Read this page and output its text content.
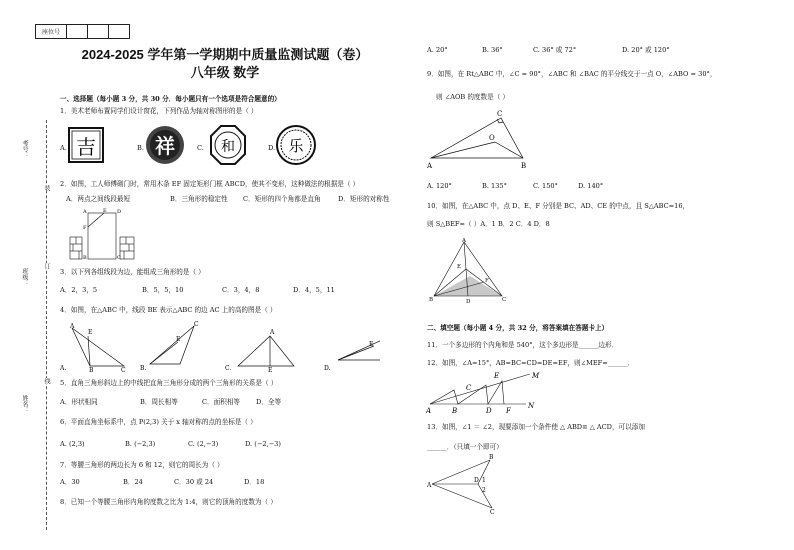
座位号			
考号：
班级：
姓名：
装
订
线
2024-2025 学年第一学期期中质量监测试题（卷）
八年级 数学
一、选择题（每小题 3 分，共 30 分．每小题只有一个选项是符合题意的）
1．美术老师布置同学们设计窗花，下列作品为轴对称图形的是（ ）
A.	B.	C.	D.
吉	祥	和	乐
2．如图，工人师傅砌门时，常用木条 EF 固定矩形门框 ABCD，使其不变形，这种做法的根据是（ ）
A．两点之间线段最短	B．三角形的稳定性 C．矩形的四个角都是直角	D．矩形的对称性
A	D
F
E
B	C
3．以下列各组线段为边，能组成三角形的是（ ）
A．2，3，5	B．5，5，10	C．3，4，8	D．4，5，11
4．如图，在△ABC 中，线段 BE 表示△ABC 的边 AC 上的高的图是（ ）
A.	B.	C.	D.
A
E
C
B
C
E
A
E
E
5．直角三角形斜边上的中线把直角三角形分成的两个三角形的关系是（ ）
A．形状相同	B．周长相等	C．面积相等 D．全等
6．平面直角坐标系中，点 P(2,3) 关于 x 轴对称的点的坐标是（ ）
A. (2,3)	B. (−2,3)	C. (2,−3)	D. (−2,−3)
7．等腰三角形的两边长为 6 和 12，则它的周长为（ ）
A．30	B．24	C．30 或 24	D．18
8．已知一个等腰三角形内角的度数之比为 1:4，则它的顶角的度数为（ ）
A. 20°	B. 36°	C. 36° 或 72°	D. 20° 或 120°
9．如图，在 Rt△ABC 中，∠C = 90°，∠ABC 和 ∠BAC 的平分线交于一点 O，∠ABO = 30°，
则 ∠AOB 的度数是（ ）
A	B
C
O
A. 120°	B. 135°	C. 150°	D. 140°
10．如图，在△ABC 中，点 D、E、F 分别是 BC、AD、CE 的中点，且 S△ABC=16，
则 S△BEF=（ ）A．1 B．2 C．4 D．8
A
B	C
D
E
F
二、填空题（每小题 4 分，共 32 分，将答案填在答题卡上）
11．一个多边形的个内角和是 540°，这个多边形是______边形．
12．如图，∠A=15°，AB=BC=CD=DE=EF，则∠MEF=______．
A	B	D F
N
M
C
E
13．如图，∠1 ＝ ∠2，现要添加一个条件使 △ ABD≌ △ ACD，可以添加
______．（只填一个即可）
A
B
C
D 1
2
